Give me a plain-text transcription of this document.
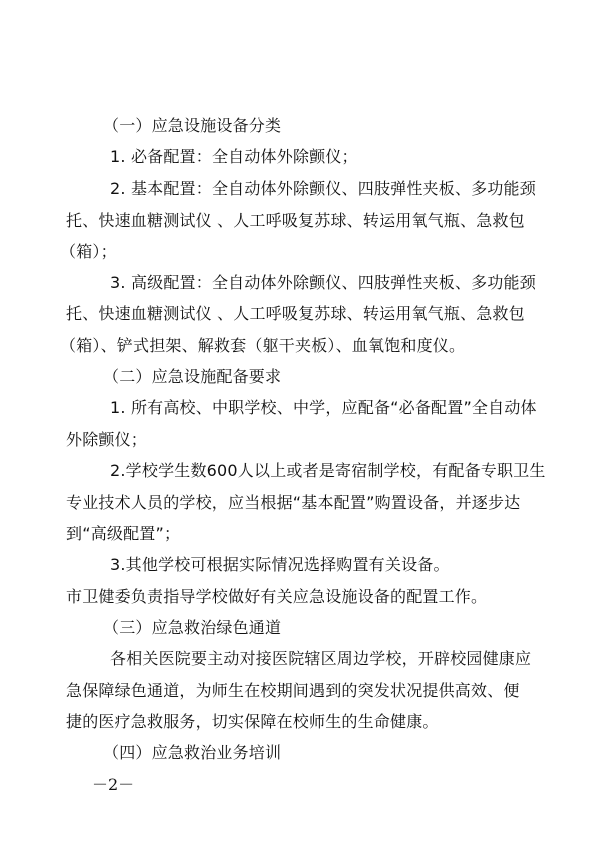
（一）应急设施设备分类
1. 必备配置：全自动体外除颤仪；
2. 基本配置：全自动体外除颤仪、四肢弹性夹板、多功能颈
托、快速血糖测试仪 、人工呼吸复苏球、转运用氧气瓶、急救包
（箱）；
3. 高级配置：全自动体外除颤仪、四肢弹性夹板、多功能颈
托、快速血糖测试仪 、人工呼吸复苏球、转运用氧气瓶、急救包
（箱）、铲式担架、解救套（躯干夹板）、血氧饱和度仪。
（二）应急设施配备要求
1. 所有高校、中职学校、中学，应配备“必备配置”全自动体
外除颤仪；
2.学校学生数600人以上或者是寄宿制学校，有配备专职卫生
专业技术人员的学校，应当根据“基本配置”购置设备，并逐步达
到“高级配置”；
3.其他学校可根据实际情况选择购置有关设备。
市卫健委负责指导学校做好有关应急设施设备的配置工作。
（三）应急救治绿色通道
各相关医院要主动对接医院辖区周边学校，开辟校园健康应
急保障绿色通道，为师生在校期间遇到的突发状况提供高效、便
捷的医疗急救服务，切实保障在校师生的生命健康。
（四）应急救治业务培训
－2－
